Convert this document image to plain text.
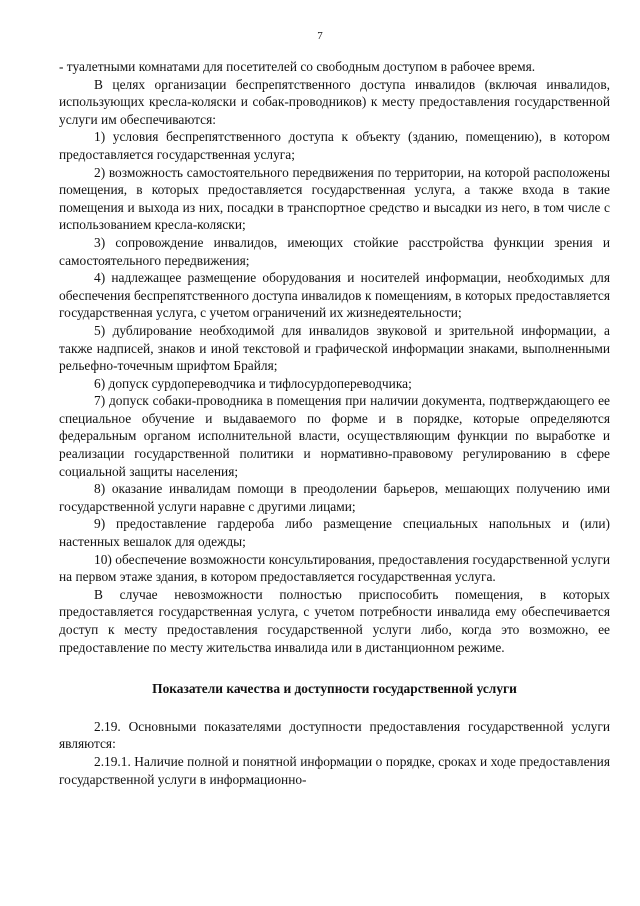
7

- туалетными комнатами для посетителей со свободным доступом в рабочее время.

В целях организации беспрепятственного доступа инвалидов (включая инвалидов, использующих кресла-коляски и собак-проводников) к месту предоставления государственной услуги им обеспечиваются:

1) условия беспрепятственного доступа к объекту (зданию, помещению), в котором предоставляется государственная услуга;

2) возможность самостоятельного передвижения по территории, на которой расположены помещения, в которых предоставляется государственная услуга, а также входа в такие помещения и выхода из них, посадки в транспортное средство и высадки из него, в том числе с использованием кресла-коляски;

3) сопровождение инвалидов, имеющих стойкие расстройства функции зрения и самостоятельного передвижения;

4) надлежащее размещение оборудования и носителей информации, необходимых для обеспечения беспрепятственного доступа инвалидов к помещениям, в которых предоставляется государственная услуга, с учетом ограничений их жизнедеятельности;

5) дублирование необходимой для инвалидов звуковой и зрительной информации, а также надписей, знаков и иной текстовой и графической информации знаками, выполненными рельефно-точечным шрифтом Брайля;

6) допуск сурдопереводчика и тифлосурдопереводчика;

7) допуск собаки-проводника в помещения при наличии документа, подтверждающего ее специальное обучение и выдаваемого по форме и в порядке, которые определяются федеральным органом исполнительной власти, осуществляющим функции по выработке и реализации государственной политики и нормативно-правовому регулированию в сфере социальной защиты населения;

8) оказание инвалидам помощи в преодолении барьеров, мешающих получению ими государственной услуги наравне с другими лицами;

9) предоставление гардероба либо размещение специальных напольных и (или) настенных вешалок для одежды;

10) обеспечение возможности консультирования, предоставления государственной услуги на первом этаже здания, в котором предоставляется государственная услуга.

В случае невозможности полностью приспособить помещения, в которых предоставляется государственная услуга, с учетом потребности инвалида ему обеспечивается доступ к месту предоставления государственной услуги либо, когда это возможно, ее предоставление по месту жительства инвалида или в дистанционном режиме.

Показатели качества и доступности государственной услуги

2.19. Основными показателями доступности предоставления государственной услуги являются:

2.19.1. Наличие полной и понятной информации о порядке, сроках и ходе предоставления государственной услуги в информационно-
